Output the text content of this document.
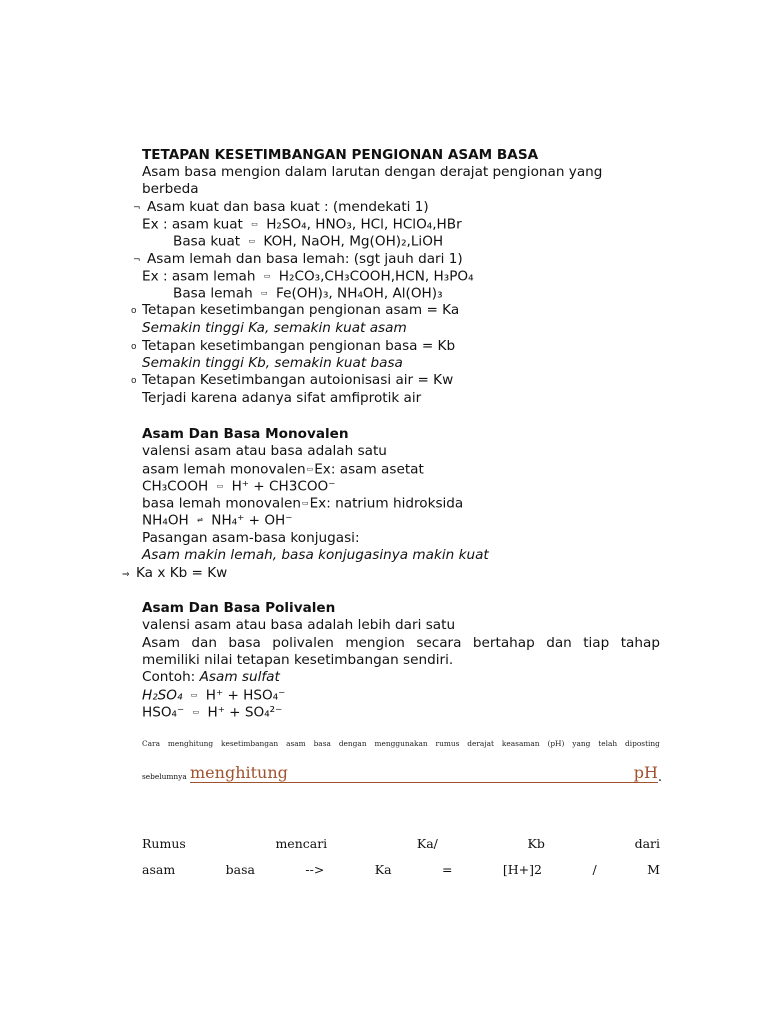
TETAPAN KESETIMBANGAN PENGIONAN ASAM BASA
Asam basa mengion dalam larutan dengan derajat pengionan yang
berbeda
¬ Asam kuat dan basa kuat : (mendekati 1)
Ex : asam kuat ▭ H₂SO₄, HNO₃, HCl, HClO₄,HBr
Basa kuat ▭ KOH, NaOH, Mg(OH)₂,LiOH
¬ Asam lemah dan basa lemah: (sgt jauh dari 1)
Ex : asam lemah ▭ H₂CO₃,CH₃COOH,HCN, H₃PO₄
Basa lemah ▭ Fe(OH)₃, NH₄OH, Al(OH)₃
o Tetapan kesetimbangan pengionan asam = Ka
Semakin tinggi Ka, semakin kuat asam
o Tetapan kesetimbangan pengionan basa = Kb
Semakin tinggi Kb, semakin kuat basa
o Tetapan Kesetimbangan autoionisasi air = Kw
Terjadi karena adanya sifat amfiprotik air
Asam Dan Basa Monovalen
valensi asam atau basa adalah satu
asam lemah monovalen▭Ex: asam asetat
CH₃COOH ▭ H⁺ + CH3COO⁻
basa lemah monovalen▭Ex: natrium hidroksida
NH₄OH ⇌ NH₄⁺ + OH⁻
Pasangan asam-basa konjugasi:
Asam makin lemah, basa konjugasinya makin kuat
⇒ Ka x Kb = Kw
Asam Dan Basa Polivalen
valensi asam atau basa adalah lebih dari satu
Asam dan basa polivalen mengion secara bertahap dan tiap tahap
memiliki nilai tetapan kesetimbangan sendiri.
Contoh: Asam sulfat
H₂SO₄ ▭ H⁺ + HSO₄⁻
HSO₄⁻ ▭ H⁺ + SO₄²⁻
Cara menghitung kesetimbangan asam basa dengan menggunakan rumus derajat keasaman (pH) yang telah diposting
sebelumnya menghitung	pH .
Rumus	mencari	Ka/	Kb	dari
asam	basa	-->	Ka	=	[H+]2	/	M
